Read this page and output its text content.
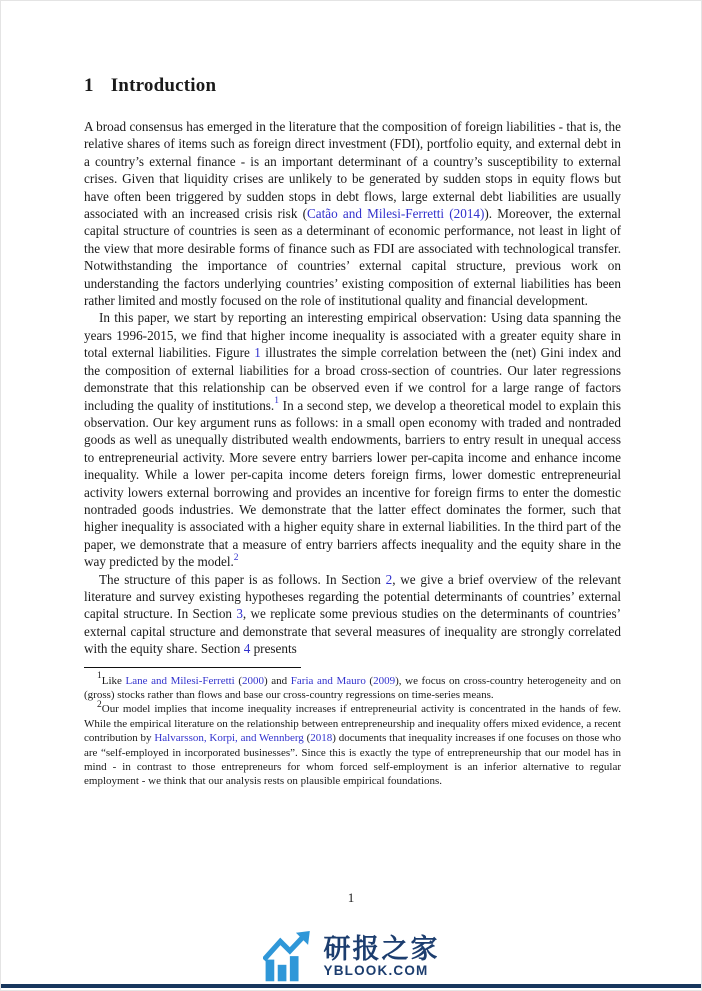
1 Introduction

A broad consensus has emerged in the literature that the composition of foreign liabilities - that is, the relative shares of items such as foreign direct investment (FDI), portfolio equity, and external debt in a country’s external finance - is an important determinant of a country’s susceptibility to external crises. Given that liquidity crises are unlikely to be generated by sudden stops in equity flows but have often been triggered by sudden stops in debt flows, large external debt liabilities are usually associated with an increased crisis risk (Catão and Milesi-Ferretti (2014)). Moreover, the external capital structure of countries is seen as a determinant of economic performance, not least in light of the view that more desirable forms of finance such as FDI are associated with technological transfer. Notwithstanding the importance of countries’ external capital structure, previous work on understanding the factors underlying countries’ existing composition of external liabilities has been rather limited and mostly focused on the role of institutional quality and financial development.

In this paper, we start by reporting an interesting empirical observation: Using data spanning the years 1996-2015, we find that higher income inequality is associated with a greater equity share in total external liabilities. Figure 1 illustrates the simple correlation between the (net) Gini index and the composition of external liabilities for a broad cross-section of countries. Our later regressions demonstrate that this relationship can be observed even if we control for a large range of factors including the quality of institutions.$^1$ In a second step, we develop a theoretical model to explain this observation. Our key argument runs as follows: in a small open economy with traded and nontraded goods as well as unequally distributed wealth endowments, barriers to entry result in unequal access to entrepreneurial activity. More severe entry barriers lower per-capita income and enhance income inequality. While a lower per-capita income deters foreign firms, lower domestic entrepreneurial activity lowers external borrowing and provides an incentive for foreign firms to enter the domestic nontraded goods industries. We demonstrate that the latter effect dominates the former, such that higher inequality is associated with a higher equity share in external liabilities. In the third part of the paper, we demonstrate that a measure of entry barriers affects inequality and the equity share in the way predicted by the model.$^2$

The structure of this paper is as follows. In Section 2, we give a brief overview of the relevant literature and survey existing hypotheses regarding the potential determinants of countries’ external capital structure. In Section 3, we replicate some previous studies on the determinants of countries’ external capital structure and demonstrate that several measures of inequality are strongly correlated with the equity share. Section 4 presents

$^1$Like Lane and Milesi-Ferretti (2000) and Faria and Mauro (2009), we focus on cross-country heterogeneity and on (gross) stocks rather than flows and base our cross-country regressions on time-series means.

$^2$Our model implies that income inequality increases if entrepreneurial activity is concentrated in the hands of few. While the empirical literature on the relationship between entrepreneurship and inequality offers mixed evidence, a recent contribution by Halvarsson, Korpi, and Wennberg (2018) documents that inequality increases if one focuses on those who are “self-employed in incorporated businesses”. Since this is exactly the type of entrepreneurship that our model has in mind - in contrast to those entrepreneurs for whom forced self-employment is an inferior alternative to regular employment - we think that our analysis rests on plausible empirical foundations.

1
研报之家
YBLOOK.COM
